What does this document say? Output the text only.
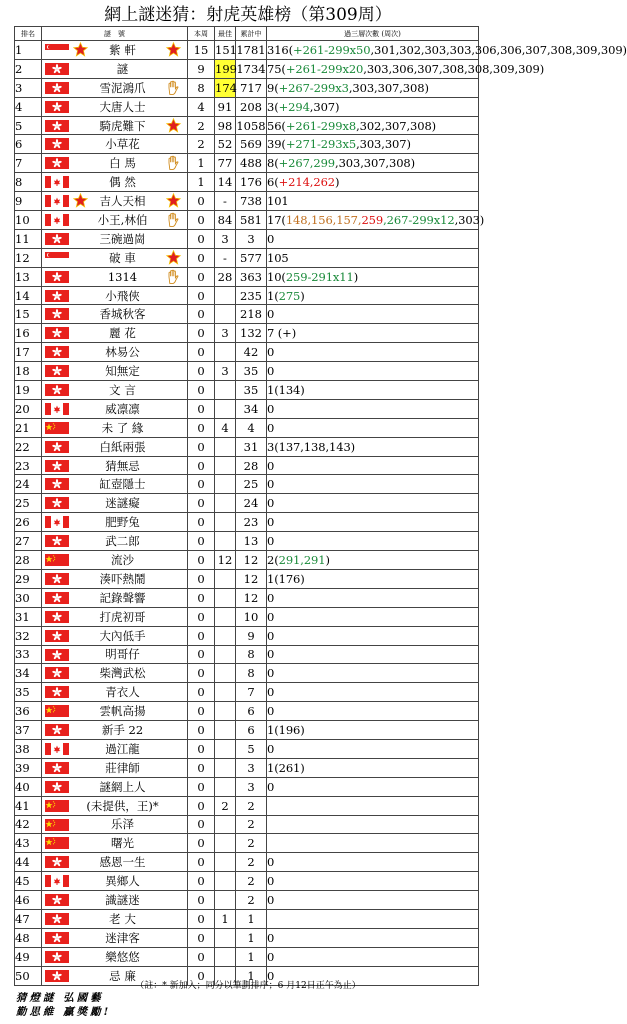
網上謎迷猜：射虎英雄榜（第309周）
排名	謎　號	本周	最佳	累計中	過三層次數 (周次)
1	紫 軒	15	151	1781	316(+261-299x50,301,302,303,303,306,306,307,308,309,309)
2	謎	9	199	1734	75(+261-299x20,303,306,307,308,308,309,309)
3	雪泥鴻爪	8	174	717	9(+267-299x3,303,307,308)
4	大唐人士	4	91	208	3(+294,307)
5	騎虎難下	2	98	1058	56(+261-299x8,302,307,308)
6	小草花	2	52	569	39(+271-293x5,303,307)
7	白 馬	1	77	488	8(+267,299,303,307,308)
8	偶 然	1	14	176	6(+214,262)
9	吉人天相	0	-	738	101
10	小王,林伯	0	84	581	17(148,156,157,259,267-299x12,303)
11	三碗過崗	0	3	3	0
12	破 車	0	-	577	105
13	1314	0	28	363	10(259-291x11)
14	小飛俠	0		235	1(275)
15	香城秋客	0		218	0
16	麗 花	0	3	132	7 (+)
17	林易公	0		42	0
18	知無定	0	3	35	0
19	文 言	0		35	1(134)
20	威凛凛	0		34	0
21	未 了 緣	0	4	4	0
22	白紙兩張	0		31	3(137,138,143)
23	猜無忌	0		28	0
24	缸壺隱士	0		25	0
25	迷謎癡	0		24	0
26	肥野兔	0		23	0
27	武二郎	0		13	0
28	流沙	0	12	12	2(291,291)
29	湊吓熱鬧	0		12	1(176)
30	記錄聲響	0		12	0
31	打虎初哥	0		10	0
32	大內低手	0		9	0
33	明哥仔	0		8	0
34	柴灣武松	0		8	0
35	青衣人	0		7	0
36	雲帆高揚	0		6	0
37	新手 22	0		6	1(196)
38	過江龍	0		5	0
39	莊律師	0		3	1(261)
40	謎網上人	0		3	0
41	(未提供，王)*	0	2	2	
42	乐泽	0		2	
43	曙光	0		2	
44	感恩一生	0		2	0
45	異鄉人	0		2	0
46	識謎迷	0		2	0
47	老 大	0	1	1	
48	迷津客	0		1	0
49	樂悠悠	0		1	0
50	忌 廉	0		1	0
（註：* 新加入；同分以筆劃排序；6 月12日正午為止）
猜燈謎 弘國藝
勤思維 贏獎勵!
